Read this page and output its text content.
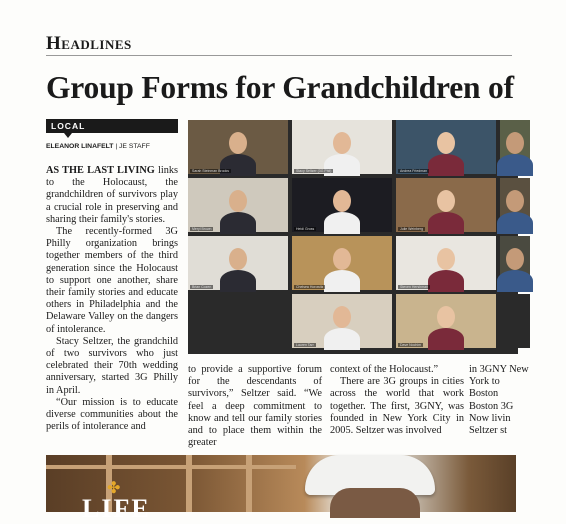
Headlines
Group Forms for Grandchildren of
LOCAL
ELEANOR LINAFELT | JE STAFF

AS THE LAST LIVING links to the Holocaust, the grandchildren of survivors play a crucial role in preserving and sharing their family's stories.

The recently-formed 3G Philly organization brings together members of the third generation since the Holocaust to support one another, share their family stories and educate others in Philadelphia and the Delaware Valley on the dangers of intolerance.

Stacy Seltzer, the grandchild of two survivors who just celebrated their 70th wedding anniversary, started 3G Philly in April.

“Our mission is to educate diverse communities about the perils of intolerance and

Sarah Steinman Brooks	Stacy Seltzer (3G Phil)	Andrea Friedman
Meryl Brown	Heidi Gross	Julie Weinberg
Brian Cozen	Chelsea Horowitz	Steven Hershman
Lauren Tarr	Dave Nochim

to provide a supportive forum for the descendants of survivors,” Seltzer said. “We feel a deep commitment to know and tell our family stories and to place them within the greater

context of the Holocaust.”

There are 3G groups in cities across the world that work together. The first, 3GNY, was founded in New York City in 2005. Seltzer was involved

in 3GNY New York to Boston Boston 3G Now livin Seltzer st

✤
LIFE
